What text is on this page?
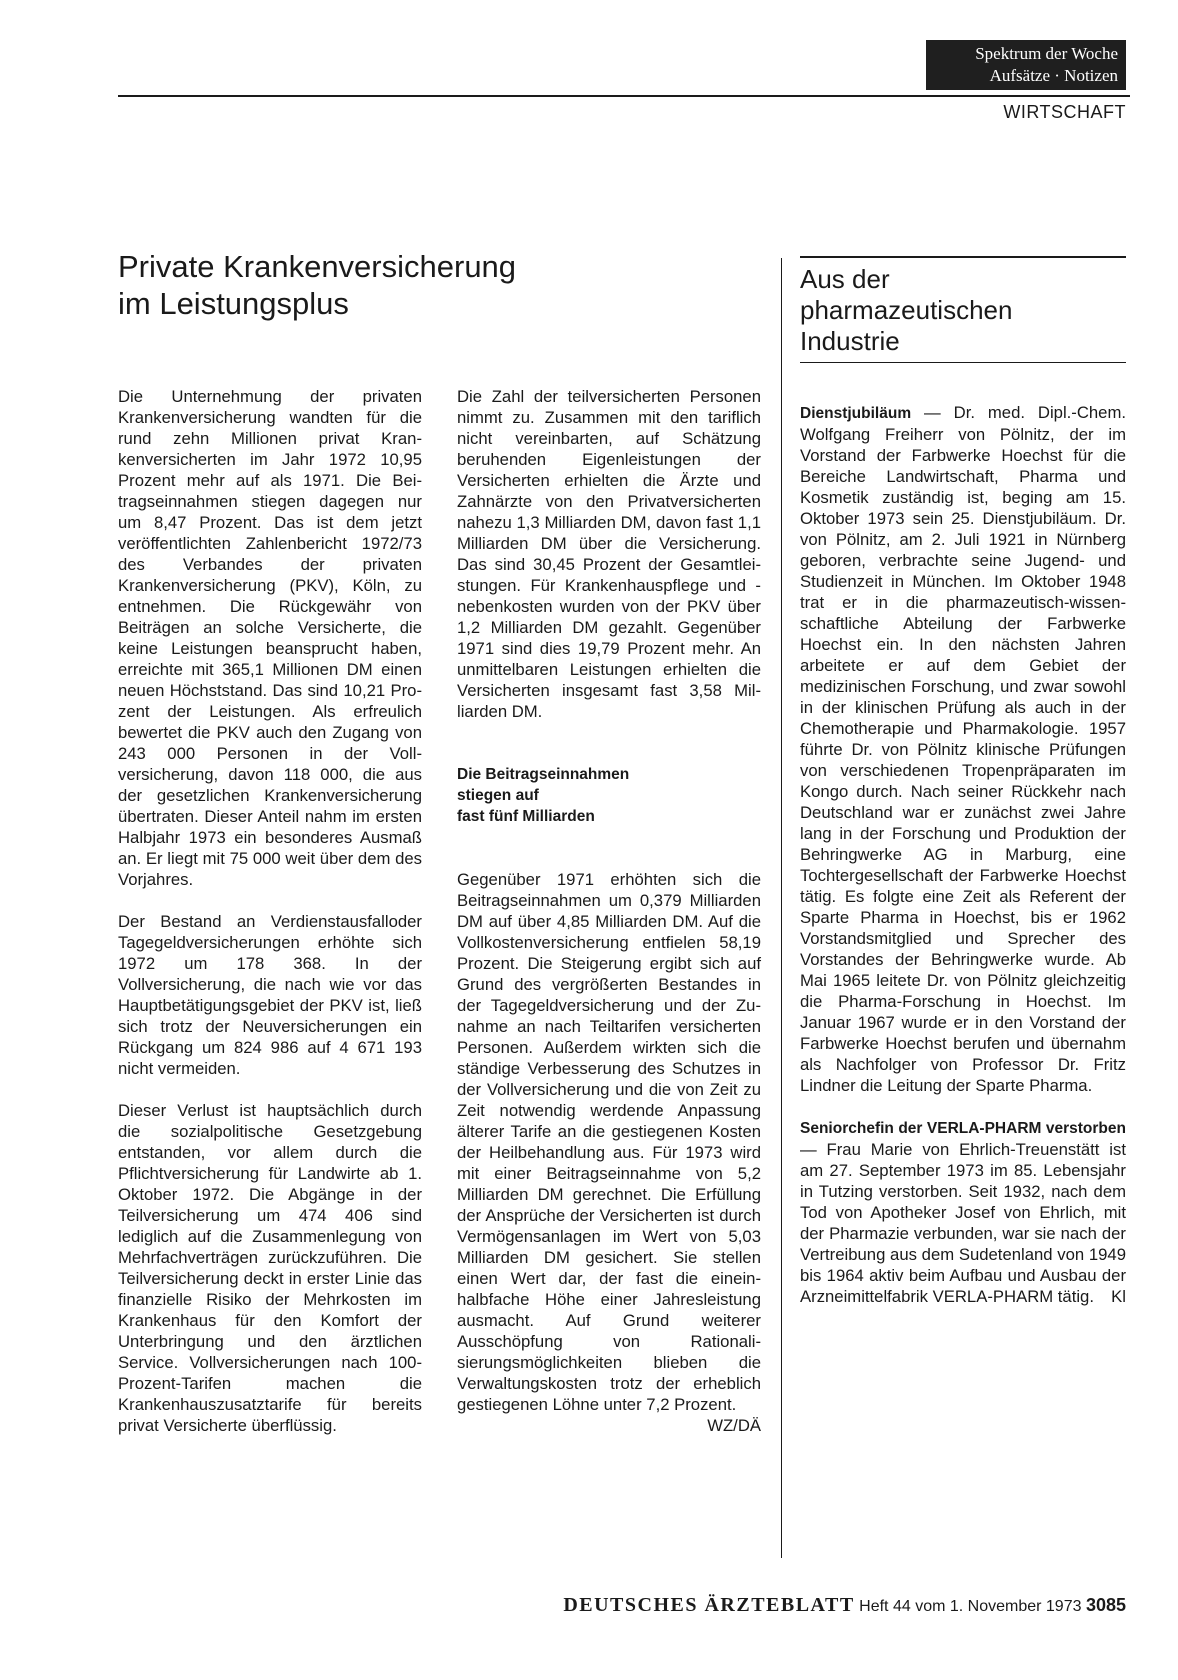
Spektrum der Woche
Aufsätze · Notizen
WIRTSCHAFT
Private Krankenversicherung
im Leistungsplus

Die Unternehmung der privaten Krankenversicherung wandten für die rund zehn Millionen privat Krankenversicherten im Jahr 1972 10,95 Prozent mehr auf als 1971. Die Beitragseinnahmen stiegen dagegen nur um 8,47 Prozent. Das ist dem jetzt veröffentlichten Zahlenbericht 1972/73 des Verbandes der privaten Krankenversicherung (PKV), Köln, zu entnehmen. Die Rückgewähr von Beiträgen an solche Versicherte, die keine Leistungen beansprucht haben, erreichte mit 365,1 Millionen DM einen neuen Höchststand. Das sind 10,21 Prozent der Leistungen. Als erfreulich bewertet die PKV auch den Zugang von 243 000 Personen in der Vollversicherung, davon 118 000, die aus der gesetzlichen Krankenversicherung übertraten. Dieser Anteil nahm im ersten Halbjahr 1973 ein besonderes Ausmaß an. Er liegt mit 75 000 weit über dem des Vorjahres.

Der Bestand an Verdienstausfalloder Tagegeldversicherungen erhöhte sich 1972 um 178 368. In der Vollversicherung, die nach wie vor das Hauptbetätigungsgebiet der PKV ist, ließ sich trotz der Neuversicherungen ein Rückgang um 824 986 auf 4 671 193 nicht vermeiden.

Dieser Verlust ist hauptsächlich durch die sozialpolitische Gesetzgebung entstanden, vor allem durch die Pflichtversicherung für Landwirte ab 1. Oktober 1972. Die Abgänge in der Teilversicherung um 474 406 sind lediglich auf die Zusammenlegung von Mehrfachverträgen zurückzuführen. Die Teilversicherung deckt in erster Linie das finanzielle Risiko der Mehrkosten im Krankenhaus für den Komfort der Unterbringung und den ärztlichen Service. Vollversicherungen nach 100-Prozent-Tarifen machen die Krankenhauszusatztarife für bereits privat Versicherte überflüssig.

Die Zahl der teilversicherten Personen nimmt zu. Zusammen mit den tariflich nicht vereinbarten, auf Schätzung beruhenden Eigenleistungen der Versicherten erhielten die Ärzte und Zahnärzte von den Privatversicherten nahezu 1,3 Milliarden DM, davon fast 1,1 Milliarden DM über die Versicherung. Das sind 30,45 Prozent der Gesamtleistungen. Für Krankenhauspflege und -nebenkosten wurden von der PKV über 1,2 Milliarden DM gezahlt. Gegenüber 1971 sind dies 19,79 Prozent mehr. An unmittelbaren Leistungen erhielten die Versicherten insgesamt fast 3,58 Milliarden DM.

Die Beitragseinnahmen
stiegen auf
fast fünf Milliarden

Gegenüber 1971 erhöhten sich die Beitragseinnahmen um 0,379 Milliarden DM auf über 4,85 Milliarden DM. Auf die Vollkostenversicherung entfielen 58,19 Prozent. Die Steigerung ergibt sich auf Grund des vergrößerten Bestandes in der Tagegeldversicherung und der Zunahme an nach Teiltarifen versicherten Personen. Außerdem wirkten sich die ständige Verbesserung des Schutzes in der Vollversicherung und die von Zeit zu Zeit notwendig werdende Anpassung älterer Tarife an die gestiegenen Kosten der Heilbehandlung aus. Für 1973 wird mit einer Beitragseinnahme von 5,2 Milliarden DM gerechnet. Die Erfüllung der Ansprüche der Versicherten ist durch Vermögensanlagen im Wert von 5,03 Milliarden DM gesichert. Sie stellen einen Wert dar, der fast die eineinhalbfache Höhe einer Jahresleistung ausmacht. Auf Grund weiterer Ausschöpfung von Rationalisierungsmöglichkeiten blieben die Verwaltungskosten trotz der erheblich gestiegenen Löhne unter 7,2 Prozent.
WZ/DÄ

Aus der
pharmazeutischen
Industrie

Dienstjubiläum — Dr. med. Dipl.-Chem. Wolfgang Freiherr von Pölnitz, der im Vorstand der Farbwerke Hoechst für die Bereiche Landwirtschaft, Pharma und Kosmetik zuständig ist, beging am 15. Oktober 1973 sein 25. Dienstjubiläum. Dr. von Pölnitz, am 2. Juli 1921 in Nürnberg geboren, verbrachte seine Jugend- und Studienzeit in München. Im Oktober 1948 trat er in die pharmazeutisch-wissenschaftliche Abteilung der Farbwerke Hoechst ein. In den nächsten Jahren arbeitete er auf dem Gebiet der medizinischen Forschung, und zwar sowohl in der klinischen Prüfung als auch in der Chemotherapie und Pharmakologie. 1957 führte Dr. von Pölnitz klinische Prüfungen von verschiedenen Tropenpräparaten im Kongo durch. Nach seiner Rückkehr nach Deutschland war er zunächst zwei Jahre lang in der Forschung und Produktion der Behringwerke AG in Marburg, eine Tochtergesellschaft der Farbwerke Hoechst tätig. Es folgte eine Zeit als Referent der Sparte Pharma in Hoechst, bis er 1962 Vorstandsmitglied und Sprecher des Vorstandes der Behringwerke wurde. Ab Mai 1965 leitete Dr. von Pölnitz gleichzeitig die Pharma-Forschung in Hoechst. Im Januar 1967 wurde er in den Vorstand der Farbwerke Hoechst berufen und übernahm als Nachfolger von Professor Dr. Fritz Lindner die Leitung der Sparte Pharma.

Seniorchefin der VERLA-PHARM verstorben — Frau Marie von Ehrlich-Treuenstätt ist am 27. September 1973 im 85. Lebensjahr in Tutzing verstorben. Seit 1932, nach dem Tod von Apotheker Josef von Ehrlich, mit der Pharmazie verbunden, war sie nach der Vertreibung aus dem Sudetenland von 1949 bis 1964 aktiv beim Aufbau und Ausbau der Arzneimittelfabrik VERLA-PHARM tätig. Kl

DEUTSCHES ÄRZTEBLATT Heft 44 vom 1. November 1973 3085
